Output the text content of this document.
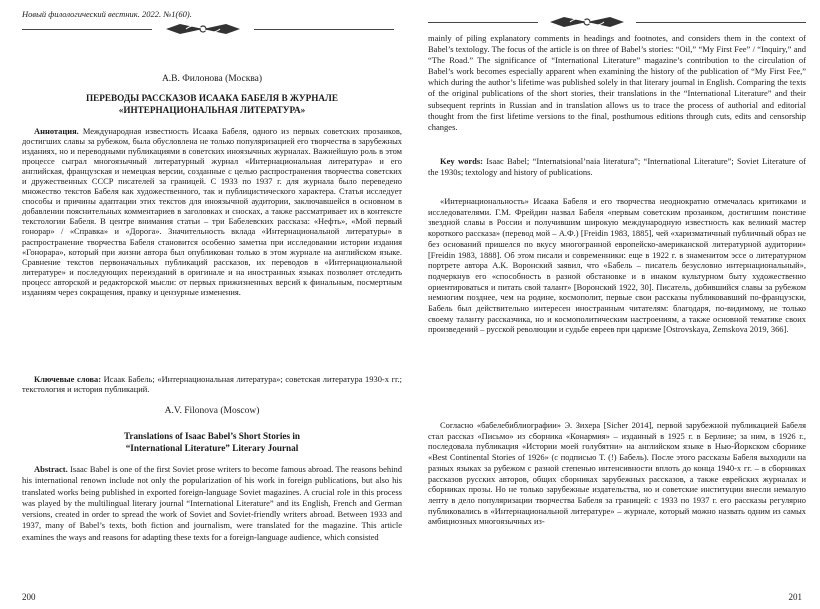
Новый филологический вестник. 2022. №1(60).
А.В. Филонова (Москва)
ПЕРЕВОДЫ РАССКАЗОВ ИСААКА БАБЕЛЯ В ЖУРНАЛЕ
«ИНТЕРНАЦИОНАЛЬНАЯ ЛИТЕРАТУРА»
Аннотация. Международная известность Исаака Бабеля, одного из первых советских прозаиков, достигших славы за рубежом, была обусловлена не только популяризацией его творчества в зарубежных изданиях, но и переводными публикациями в советских иноязычных журналах. Важнейшую роль в этом процессе сыграл многоязычный литературный журнал «Интернациональная литература» и его английская, французская и немецкая версии, созданные с целью распространения творчества советских и дружественных СССР писателей за границей. С 1933 по 1937 г. для журнала было переведено множество текстов Бабеля как художественного, так и публицистического характера. Статья исследует способы и причины адаптации этих текстов для иноязычной аудитории, заключавшейся в основном в добавлении пояснительных комментариев в заголовках и сносках, а также рассматривает их в контексте текстологии Бабеля. В центре внимания статьи – три Бабелевских рассказа: «Нефть», «Мой первый гонорар» / «Справка» и «Дорога». Значительность вклада «Интернациональной литературы» в распространение творчества Бабеля становится особенно заметна при исследовании истории издания «Гонорара», который при жизни автора был опубликован только в этом журнале на английском языке. Сравнение текстов первоначальных публикаций рассказов, их переводов в «Интернациональной литературе» и последующих переизданий в оригинале и на иностранных языках позволяет отследить процесс авторской и редакторской мысли: от первых прижизненных версий к финальным, посмертным изданиям через сокращения, правку и цензурные изменения.
Ключевые слова: Исаак Бабель; «Интернациональная литература»; советская литература 1930-х гг.; текстология и история публикаций.
A.V. Filonova (Moscow)
Translations of Isaac Babel’s Short Stories in
“International Literature” Literary Journal
Abstract. Isaac Babel is one of the first Soviet prose writers to become famous abroad. The reasons behind his international renown include not only the popularization of his work in foreign publications, but also his translated works being published in exported foreign-language Soviet magazines. A crucial role in this process was played by the multilingual literary journal “International Literature” and its English, French and German versions, created in order to spread the work of Soviet and Soviet-friendly writers abroad. Between 1933 and 1937, many of Babel’s texts, both fiction and journalism, were translated for the magazine. This article examines the ways and reasons for adapting these texts for a foreign-language audience, which consisted
200
mainly of piling explanatory comments in headings and footnotes, and considers them in the context of Babel’s textology. The focus of the article is on three of Babel’s stories: “Oil,” “My First Fee” / “Inquiry,” and “The Road.” The significance of “International Literature” magazine’s contribution to the circulation of Babel’s work becomes especially apparent when examining the history of the publication of “My First Fee,” which during the author’s lifetime was published solely in that literary journal in English. Comparing the texts of the original publications of the short stories, their translations in the “International Literature” and their subsequent reprints in Russian and in translation allows us to trace the process of authorial and editorial thought from the first lifetime versions to the final, posthumous editions through cuts, edits and censorship changes.
Key words: Isaac Babel; “Internatsional’naia literatura”; “International Literature”; Soviet Literature of the 1930s; textology and history of publications.
«Интернациональность» Исаака Бабеля и его творчества неоднократно отмечалась критиками и исследователями. Г.М. Фрейдин назвал Бабеля «первым советским прозаиком, достигшим поистине звездной славы в России и получившим широкую международную известность как великий мастер короткого рассказа» (перевод мой – А.Ф.) [Freidin 1983, 1885], чей «харизматичный публичный образ не без оснований пришелся по вкусу многогранной европейско-американской литературной аудитории» [Freidin 1983, 1888]. Об этом писали и современники: еще в 1922 г. в знаменитом эссе о литературном портрете автора А.К. Воронский заявил, что «Бабель – писатель безусловно интернациональный», подчеркнув его «способность в разной обстановке и в инаком культурном быту художественно ориентироваться и питать свой талант» [Воронский 1922, 30]. Писатель, добившийся славы за рубежом немногим позднее, чем на родине, космополит, первые свои рассказы публиковавший по-французски, Бабель был действительно интересен иностранным читателям: благодаря, по-видимому, не только своему таланту рассказчика, но и космополитическим настроениям, а также основной тематике своих произведений – русской революции и судьбе евреев при царизме [Ostrovskaya, Zemskova 2019, 366].
Согласно «бабелебиблиографии» Э. Зихера [Sicher 2014], первой зарубежной публикацией Бабеля стал рассказ «Письмо» из сборника «Конармия» – изданный в 1925 г. в Берлине; за ним, в 1926 г., последовала публикация «Истории моей голубятни» на английском языке в Нью-Йоркском сборнике «Best Continental Stories of 1926» (с подписью Т. (!) Бабель). После этого рассказы Бабеля выходили на разных языках за рубежом с разной степенью интенсивности вплоть до конца 1940-х гг. – в сборниках рассказов русских авторов, общих сборниках зарубежных рассказов, а также еврейских журналах и сборниках прозы. Но не только зарубежные издательства, но и советские институции внесли немалую лепту в дело популяризации творчества Бабеля за границей: с 1933 по 1937 г. его рассказы регулярно публиковались в «Интернациональной литературе» – журнале, который можно назвать одним из самых амбициозных многоязычных из-
201
